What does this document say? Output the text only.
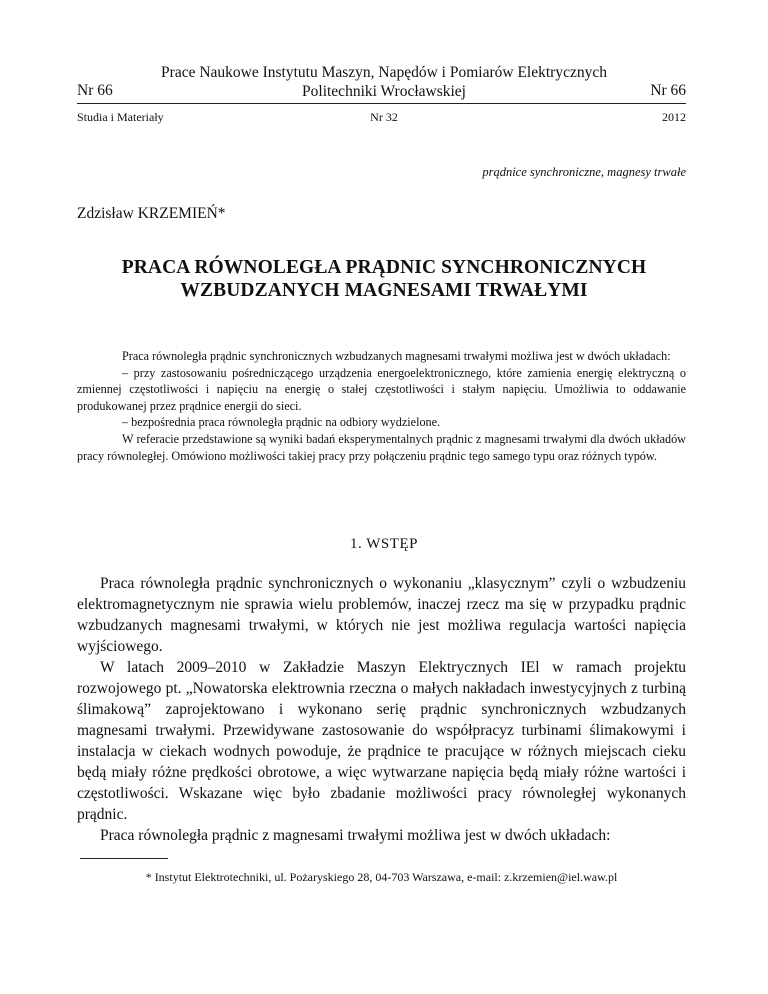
Prace Naukowe Instytutu Maszyn, Napędów i Pomiarów Elektrycznych
Politechniki Wrocławskiej
Nr 66	Nr 66
Studia i Materiały	Nr 32	2012
prądnice synchroniczne, magnesy trwałe
Zdzisław KRZEMIEŃ*
PRACA RÓWNOLEGŁA PRĄDNIC SYNCHRONICZNYCH
WZBUDZANYCH MAGNESAMI TRWAŁYMI

Praca równoległa prądnic synchronicznych wzbudzanych magnesami trwałymi możliwa jest w dwóch układach:

– przy zastosowaniu pośredniczącego urządzenia energoelektronicznego, które zamienia energię elektryczną o zmiennej częstotliwości i napięciu na energię o stałej częstotliwości i stałym napięciu. Umożliwia to oddawanie produkowanej przez prądnice energii do sieci.

– bezpośrednia praca równoległa prądnic na odbiory wydzielone.

W referacie przedstawione są wyniki badań eksperymentalnych prądnic z magnesami trwałymi dla dwóch układów pracy równoległej. Omówiono możliwości takiej pracy przy połączeniu prądnic tego samego typu oraz różnych typów.

1. WSTĘP

Praca równoległa prądnic synchronicznych o wykonaniu „klasycznym” czyli o wzbudzeniu elektromagnetycznym nie sprawia wielu problemów, inaczej rzecz ma się w przypadku prądnic wzbudzanych magnesami trwałymi, w których nie jest możliwa regulacja wartości napięcia wyjściowego.

W latach 2009–2010 w Zakładzie Maszyn Elektrycznych IEl w ramach projektu rozwojowego pt. „Nowatorska elektrownia rzeczna o małych nakładach inwestycyjnych z turbiną ślimakową” zaprojektowano i wykonano serię prądnic synchronicznych wzbudzanych magnesami trwałymi. Przewidywane zastosowanie do współpracyz turbinami ślimakowymi i instalacja w ciekach wodnych powoduje, że prądnice te pracujące w różnych miejscach cieku będą miały różne prędkości obrotowe, a więc wytwarzane napięcia będą miały różne wartości i częstotliwości. Wskazane więc było zbadanie możliwości pracy równoległej wykonanych prądnic.

Praca równoległa prądnic z magnesami trwałymi możliwa jest w dwóch układach:

* Instytut Elektrotechniki, ul. Pożaryskiego 28, 04-703 Warszawa, e-mail: z.krzemien@iel.waw.pl
